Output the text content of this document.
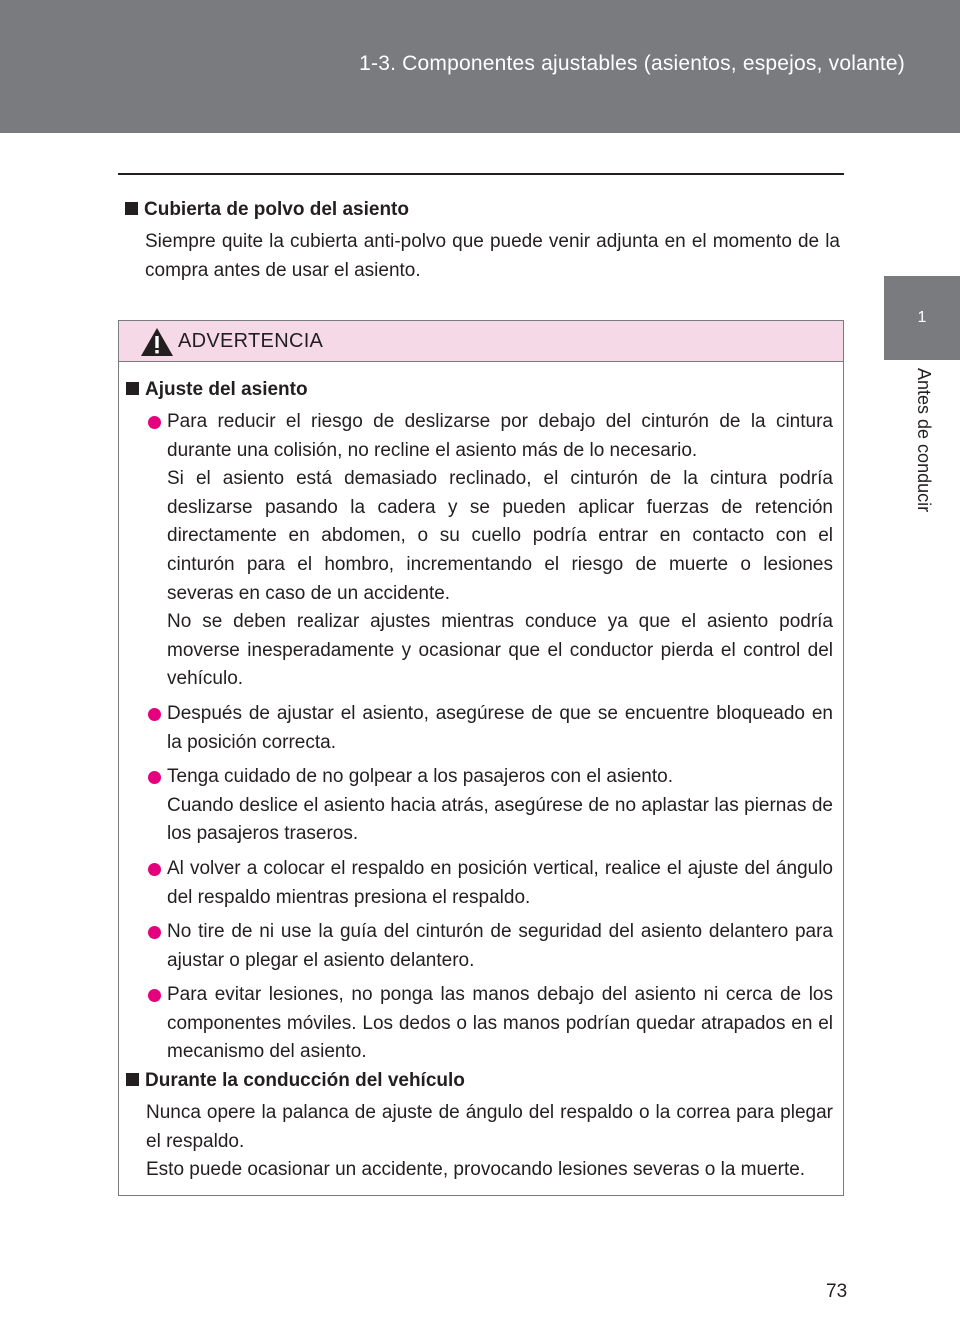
1-3. Componentes ajustables (asientos, espejos, volante)
1
Antes de conducir

Cubierta de polvo del asiento

Siempre quite la cubierta anti-polvo que puede venir adjunta en el momento de la compra antes de usar el asiento.

ADVERTENCIA

Ajuste del asiento

Para reducir el riesgo de deslizarse por debajo del cinturón de la cintura durante una colisión, no recline el asiento más de lo necesario.

Si el asiento está demasiado reclinado, el cinturón de la cintura podría deslizarse pasando la cadera y se pueden aplicar fuerzas de retención directamente en abdomen, o su cuello podría entrar en contacto con el cinturón para el hombro, incrementando el riesgo de muerte o lesiones severas en caso de un accidente.

No se deben realizar ajustes mientras conduce ya que el asiento podría moverse inesperadamente y ocasionar que el conductor pierda el control del vehículo.

Después de ajustar el asiento, asegúrese de que se encuentre bloqueado en la posición correcta.

Tenga cuidado de no golpear a los pasajeros con el asiento.

Cuando deslice el asiento hacia atrás, asegúrese de no aplastar las piernas de los pasajeros traseros.

Al volver a colocar el respaldo en posición vertical, realice el ajuste del ángulo del respaldo mientras presiona el respaldo.

No tire de ni use la guía del cinturón de seguridad del asiento delantero para ajustar o plegar el asiento delantero.

Para evitar lesiones, no ponga las manos debajo del asiento ni cerca de los componentes móviles. Los dedos o las manos podrían quedar atrapados en el mecanismo del asiento.

Durante la conducción del vehículo

Nunca opere la palanca de ajuste de ángulo del respaldo o la correa para plegar el respaldo.

Esto puede ocasionar un accidente, provocando lesiones severas o la muerte.

73
